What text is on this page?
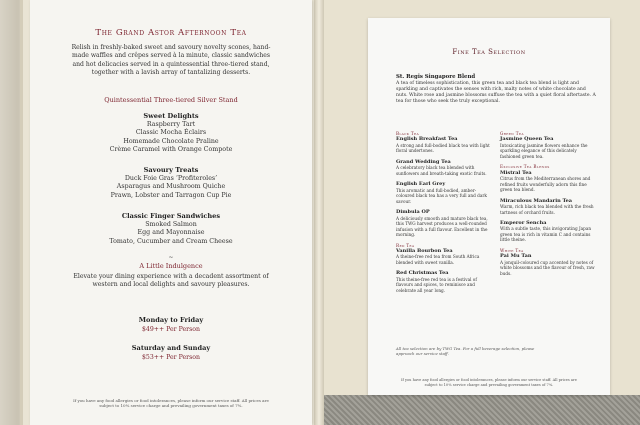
The Grand Astor Afternoon Tea
Relish in freshly-baked sweet and savoury novelty scones, hand-made waffles and crêpes served à la minute, classic sandwiches and hot delicacies served in a quintessential three-tiered stand, together with a lavish array of tantalizing desserts.
Quintessential Three-tiered Silver Stand
Sweet Delights
Raspberry Tart
Classic Mocha Éclairs
Homemade Chocolate Praline
Crème Caramel with Orange Compote
Savoury Treats
Duck Foie Gras ‘Profiteroles’
Asparagus and Mushroom Quiche
Prawn, Lobster and Tarragon Cup Pie
Classic Finger Sandwiches
Smoked Salmon
Egg and Mayonnaise
Tomato, Cucumber and Cream Cheese
~
A Little Indulgence
Elevate your dining experience with a decadent assortment of western and local delights and savoury pleasures.
Monday to Friday
$49++ Per Person
Saturday and Sunday
$53++ Per Person
If you have any food allergies or food intolerances, please inform our service staff. All prices are subject to 10% service charge and prevailing government taxes of 7%.
Fine Tea Selection
St. Regis Singapore Blend
A tea of timeless sophistication, this green tea and black tea blend is light and sparkling and captivates the senses with rich, malty notes of white chocolate and nuts. White rose and jasmine blossoms suffuse the tea with a quiet floral aftertaste. A tea for those who seek the truly exceptional.
Black Tea
English Breakfast Tea
A strong and full-bodied black tea with light floral undertones.
Grand Wedding Tea
A celebratory black tea blended with sunflowers and breath-taking exotic fruits.
English Earl Grey
This aromatic and full-bodied, amber-coloured black tea has a very full and dark savour.
Dimbula OP
A deliciously smooth and mature black tea, this TWG harvest produces a well-rounded infusion with a full flavour. Excellent in the morning.
Red Tea
Vanilla Bourbon Tea
A theine-free red tea from South Africa blended with sweet vanilla.
Red Christmas Tea
This theine-free red tea is a festival of flavours and spices, to reminisce and celebrate all year long.
Green Tea
Jasmine Queen Tea
Intoxicating jasmine flowers enhance the sparkling elegance of this delicately fashioned green tea.
Exclusive Tea Blends
Mistral Tea
Citrus from the Mediterranean shores and refined fruits wonderfully adorn this fine green tea blend.
Miraculous Mandarin Tea
Warm, rich black tea blended with the fresh tartness of orchard fruits.
Emperor Sencha
With a subtle taste, this invigorating Japan green tea is rich in vitamin C and contains little theine.
White Tea
Pai Mu Tan
A jonquil-coloured cup accented by notes of white blossoms and the flavour of fresh, raw buds.
All tea selection are by TWG Tea. For a full beverage selection, please approach our service staff.
If you have any food allergies or food intolerances, please inform our service staff. All prices are subject to 10% service charge and prevailing government taxes of 7%.
